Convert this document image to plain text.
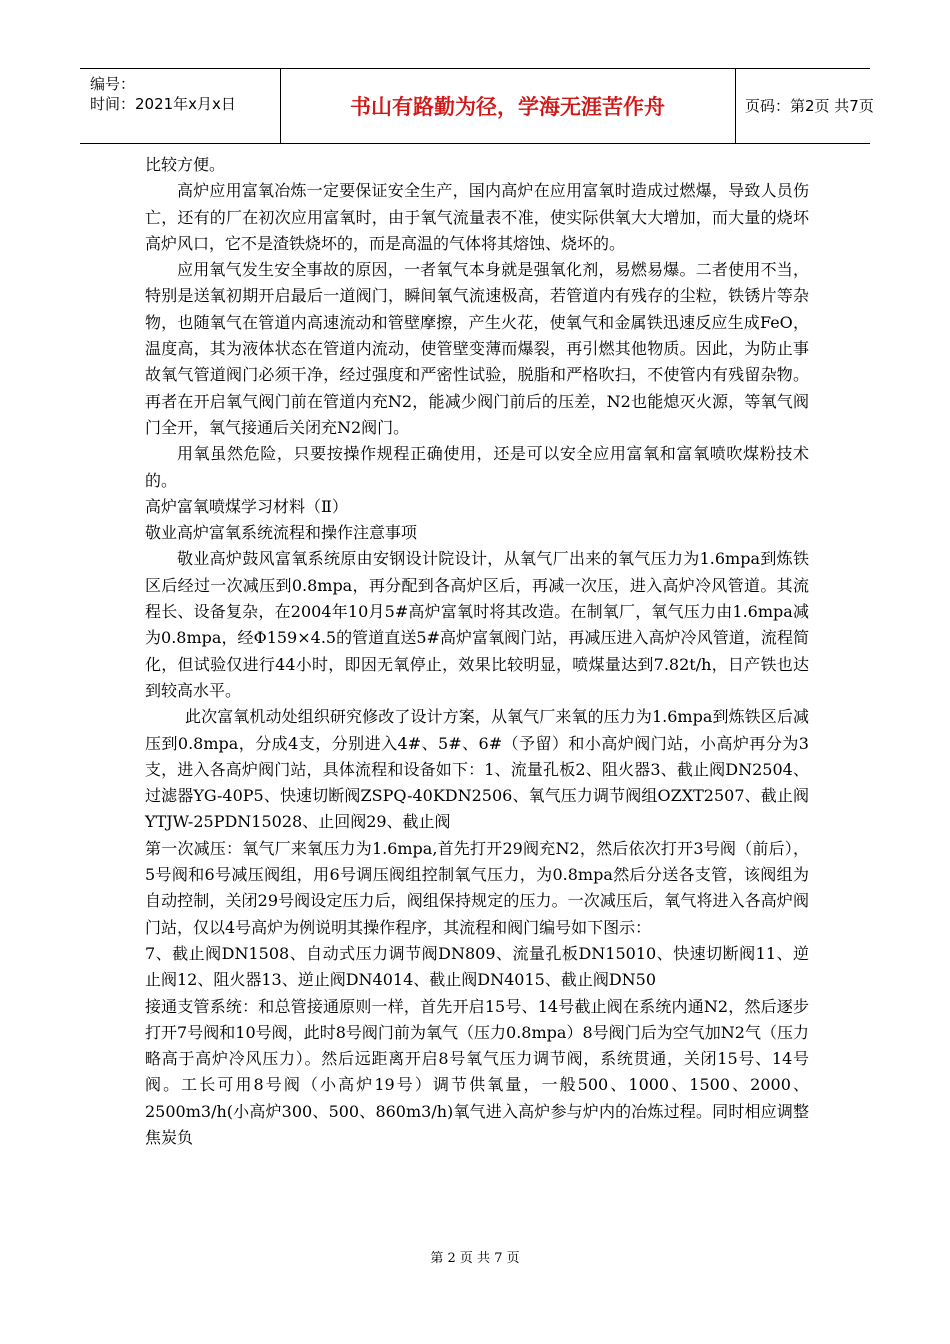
编号：
时间：2021年x月x日	书山有路勤为径，学海无涯苦作舟	页码：第2页 共7页

比较方便。

高炉应用富氧冶炼一定要保证安全生产，国内高炉在应用富氧时造成过燃爆，导致人员伤亡，还有的厂在初次应用富氧时，由于氧气流量表不准，使实际供氧大大增加，而大量的烧坏高炉风口，它不是渣铁烧坏的，而是高温的气体将其熔蚀、烧坏的。

应用氧气发生安全事故的原因，一者氧气本身就是强氧化剂，易燃易爆。二者使用不当，特别是送氧初期开启最后一道阀门，瞬间氧气流速极高，若管道内有残存的尘粒，铁锈片等杂物，也随氧气在管道内高速流动和管壁摩擦，产生火花，使氧气和金属铁迅速反应生成FeO，温度高，其为液体状态在管道内流动，使管壁变薄而爆裂，再引燃其他物质。因此，为防止事故氧气管道阀门必须干净，经过强度和严密性试验，脱脂和严格吹扫，不使管内有残留杂物。再者在开启氧气阀门前在管道内充N2，能减少阀门前后的压差，N2也能熄灭火源，等氧气阀门全开，氧气接通后关闭充N2阀门。

用氧虽然危险，只要按操作规程正确使用，还是可以安全应用富氧和富氧喷吹煤粉技术的。

高炉富氧喷煤学习材料（Ⅱ）

敬业高炉富氧系统流程和操作注意事项

敬业高炉鼓风富氧系统原由安钢设计院设计，从氧气厂出来的氧气压力为1.6mpa到炼铁区后经过一次减压到0.8mpa，再分配到各高炉区后，再减一次压，进入高炉冷风管道。其流程长、设备复杂，在2004年10月5#高炉富氧时将其改造。在制氧厂，氧气压力由1.6mpa减为0.8mpa，经Φ159×4.5的管道直送5#高炉富氧阀门站，再减压进入高炉冷风管道，流程简化，但试验仅进行44小时，即因无氧停止，效果比较明显，喷煤量达到7.82t/h，日产铁也达到较高水平。

此次富氧机动处组织研究修改了设计方案，从氧气厂来氧的压力为1.6mpa到炼铁区后减压到0.8mpa，分成4支，分别进入4#、5#、6#（予留）和小高炉阀门站，小高炉再分为3支，进入各高炉阀门站，具体流程和设备如下：1、流量孔板2、阻火器3、截止阀DN2504、过滤器YG-40P5、快速切断阀ZSPQ-40KDN2506、氧气压力调节阀组OZXT2507、截止阀YTJW-25PDN15028、止回阀29、截止阀

第一次减压：氧气厂来氧压力为1.6mpa,首先打开29阀充N2，然后依次打开3号阀（前后），5号阀和6号减压阀组，用6号调压阀组控制氧气压力，为0.8mpa然后分送各支管，该阀组为自动控制，关闭29号阀设定压力后，阀组保持规定的压力。一次减压后，氧气将进入各高炉阀门站，仅以4号高炉为例说明其操作程序，其流程和阀门编号如下图示：

7、截止阀DN1508、自动式压力调节阀DN809、流量孔板DN15010、快速切断阀11、逆止阀12、阻火器13、逆止阀DN4014、截止阀DN4015、截止阀DN50

接通支管系统：和总管接通原则一样，首先开启15号、14号截止阀在系统内通N2，然后逐步打开7号阀和10号阀，此时8号阀门前为氧气（压力0.8mpa）8号阀门后为空气加N2气（压力略高于高炉冷风压力）。然后远距离开启8号氧气压力调节阀，系统贯通，关闭15号、14号阀。工长可用8号阀（小高炉19号）调节供氧量，一般500、1000、1500、2000、2500m3/h(小高炉300、500、860m3/h)氧气进入高炉参与炉内的冶炼过程。同时相应调整焦炭负

第 2 页 共 7 页
